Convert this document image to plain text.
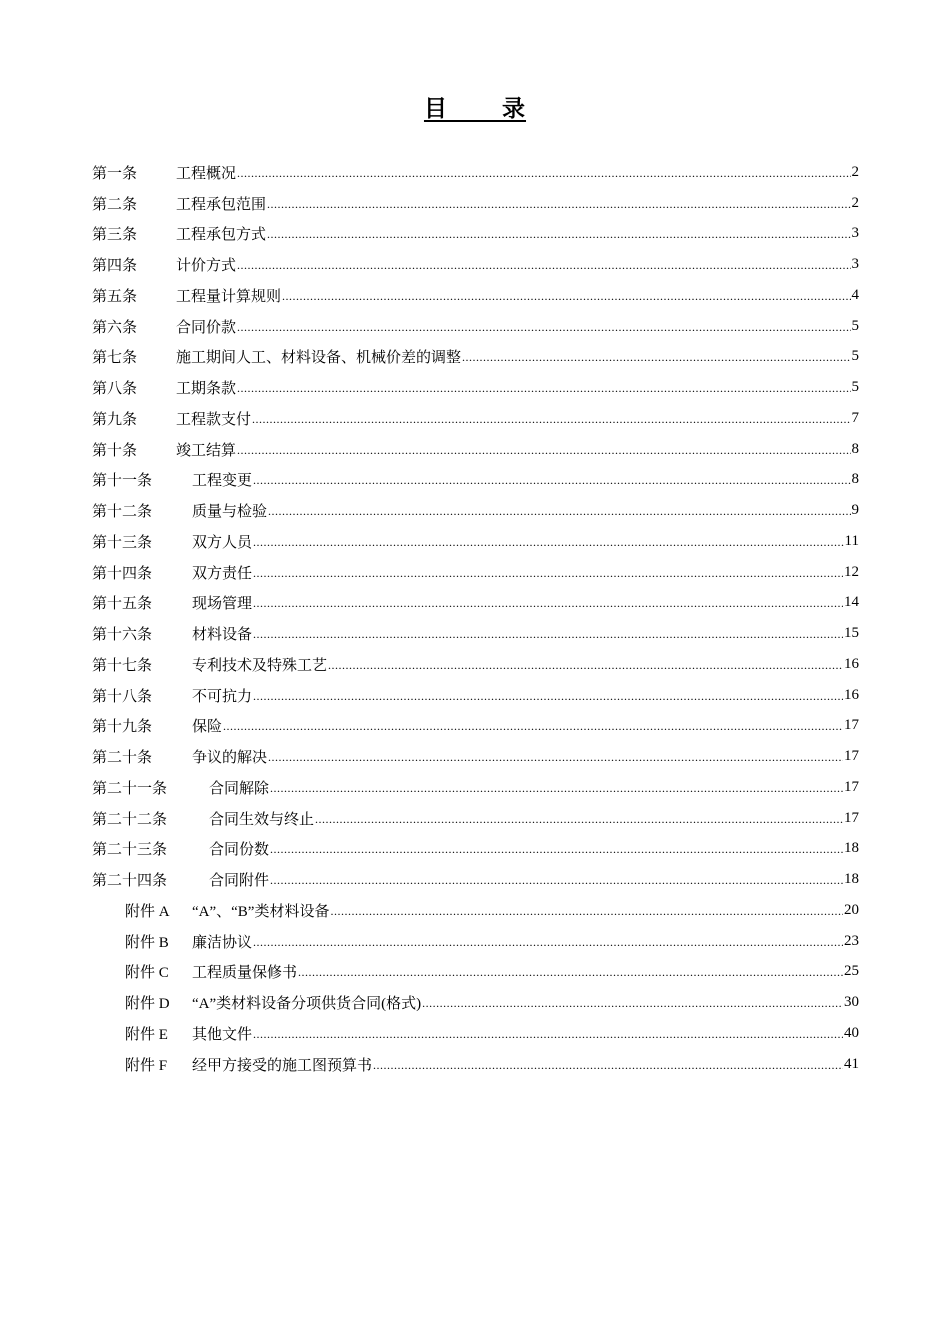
目      录
第一条	工程概况 .....	2
第二条	工程承包范围 .....	2
第三条	工程承包方式 .....	3
第四条	计价方式 .....	3
第五条	工程量计算规则 .....	4
第六条	合同价款 .....	5
第七条	施工期间人工、材料设备、机械价差的调整 .....	5
第八条	工期条款 .....	5
第九条	工程款支付 .....	7
第十条	竣工结算 .....	8
第十一条	工程变更 .....	8
第十二条	质量与检验 .....	9
第十三条	双方人员 .....	11
第十四条	双方责任 .....	12
第十五条	现场管理 .....	14
第十六条	材料设备 .....	15
第十七条	专利技术及特殊工艺 .....	16
第十八条	不可抗力 .....	16
第十九条	保险 .....	17
第二十条	争议的解决 .....	17
第二十一条	合同解除 .....	17
第二十二条	合同生效与终止 .....	17
第二十三条	合同份数 .....	18
第二十四条	合同附件 .....	18
附件 A	“A”、“B”类材料设备 .....	20
附件 B	廉洁协议 .....	23
附件 C	工程质量保修书 .....	25
附件 D	“A”类材料设备分项供货合同(格式) .....	30
附件 E	其他文件 .....	40
附件 F	经甲方接受的施工图预算书 .....	41
